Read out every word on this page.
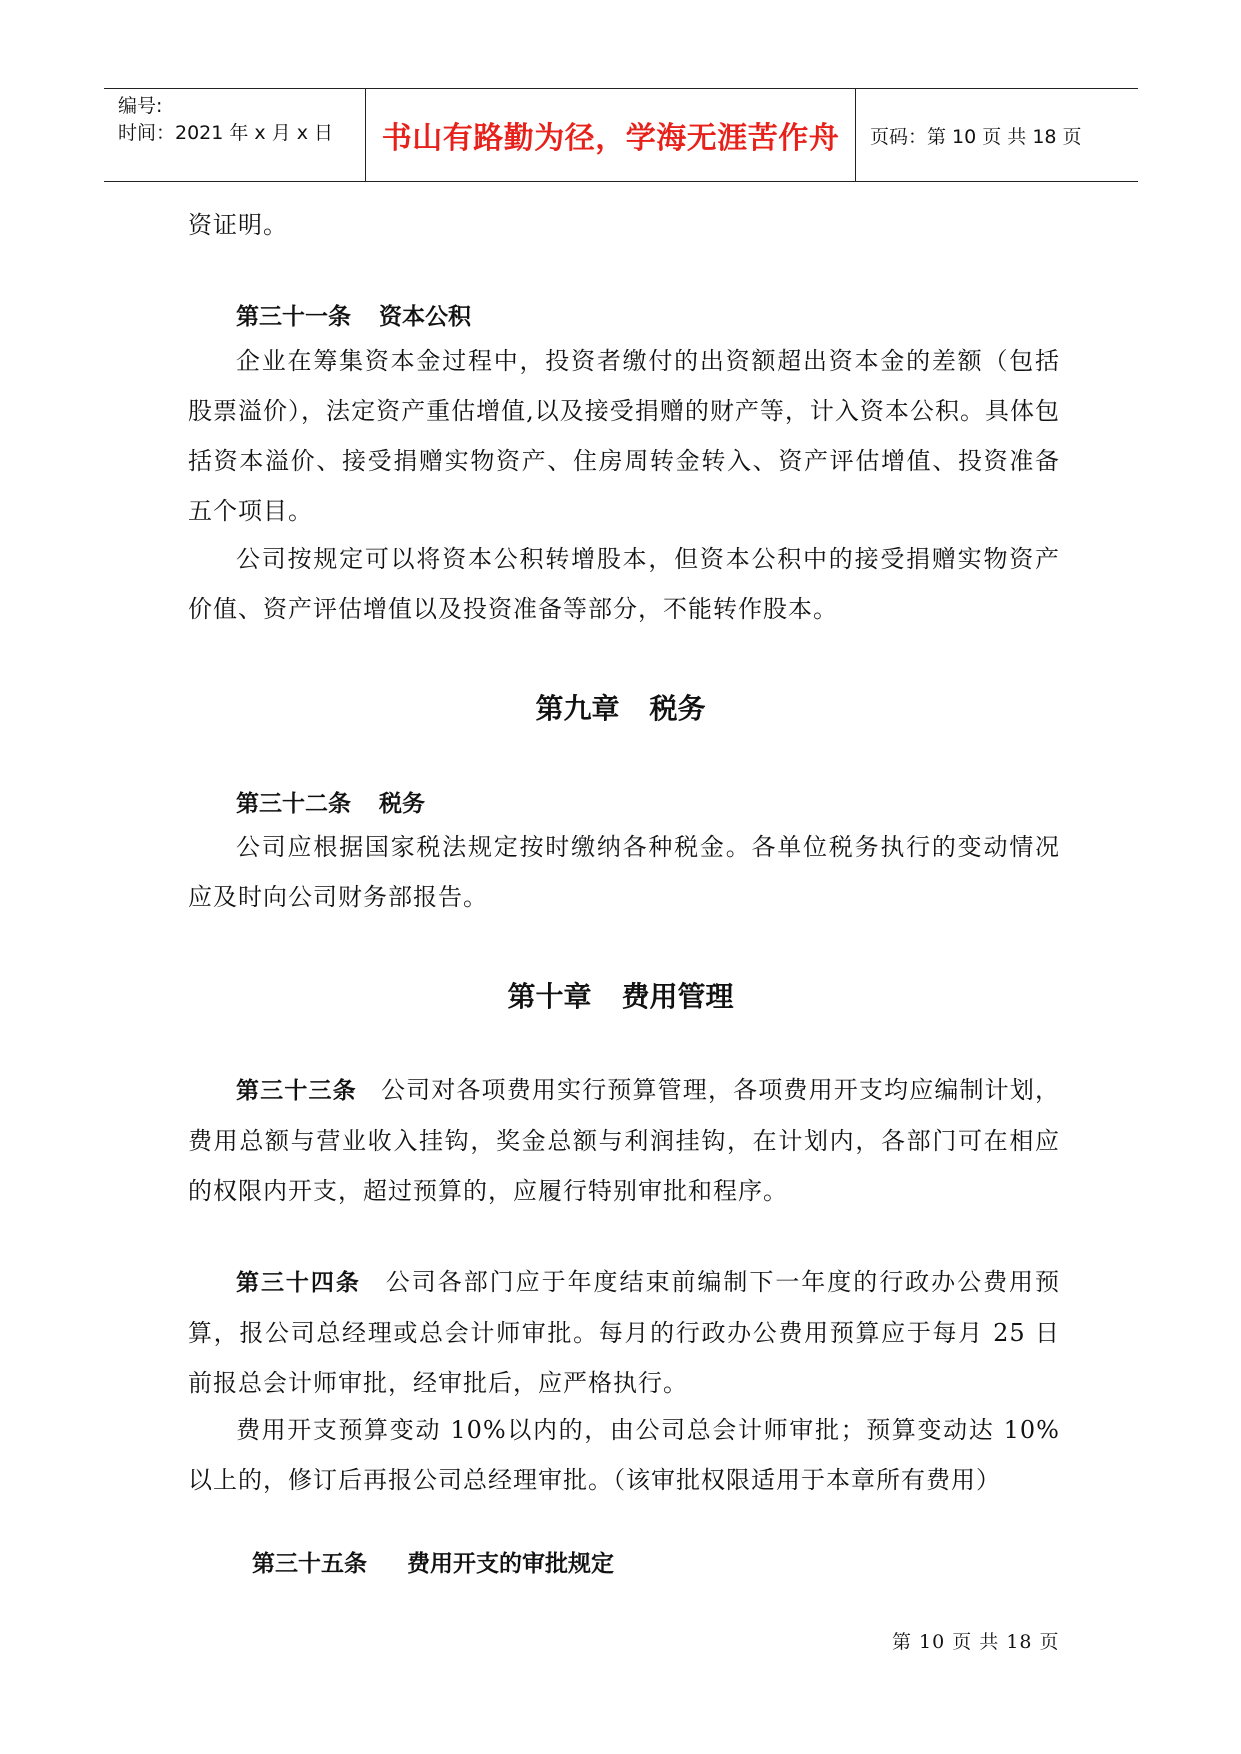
编号:
时间：2021 年 x 月 x 日	书山有路勤为径，学海无涯苦作舟	页码：第 10 页 共 18 页
资证明。
第三十一条 资本公积
企业在筹集资本金过程中，投资者缴付的出资额超出资本金的差额（包括股票溢价），法定资产重估增值,以及接受捐赠的财产等，计入资本公积。具体包括资本溢价、接受捐赠实物资产、住房周转金转入、资产评估增值、投资准备五个项目。
公司按规定可以将资本公积转增股本，但资本公积中的接受捐赠实物资产价值、资产评估增值以及投资准备等部分，不能转作股本。
第九章 税务
第三十二条 税务
公司应根据国家税法规定按时缴纳各种税金。各单位税务执行的变动情况应及时向公司财务部报告。
第十章 费用管理
第三十三条 公司对各项费用实行预算管理，各项费用开支均应编制计划，费用总额与营业收入挂钩，奖金总额与利润挂钩，在计划内，各部门可在相应的权限内开支，超过预算的，应履行特别审批和程序。
第三十四条 公司各部门应于年度结束前编制下一年度的行政办公费用预算，报公司总经理或总会计师审批。每月的行政办公费用预算应于每月 25 日前报总会计师审批，经审批后，应严格执行。
费用开支预算变动 10%以内的，由公司总会计师审批；预算变动达 10%以上的，修订后再报公司总经理审批。（该审批权限适用于本章所有费用）
第三十五条 费用开支的审批规定
第 10 页 共 18 页
